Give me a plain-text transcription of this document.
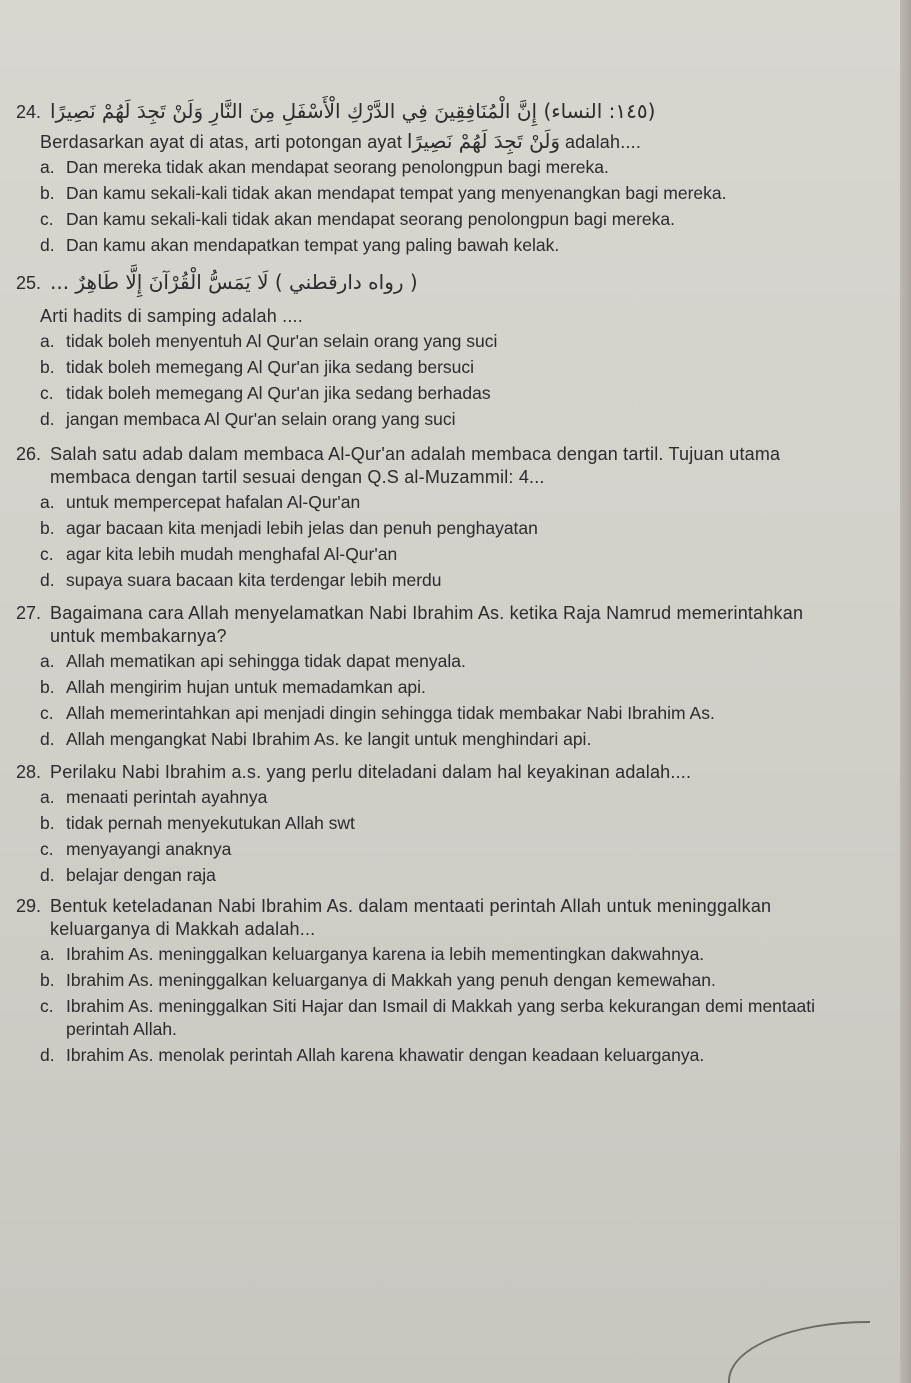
24. (١٤٥: النساء) إِنَّ الْمُنَافِقِينَ فِي الدَّرْكِ الْأَسْفَلِ مِنَ النَّارِ وَلَنْ تَجِدَ لَهُمْ نَصِيرًا
Berdasarkan ayat di atas, arti potongan ayat وَلَنْ تَجِدَ لَهُمْ نَصِيرًا adalah....
a. Dan mereka tidak akan mendapat seorang penolongpun bagi mereka.
b. Dan kamu sekali-kali tidak akan mendapat tempat yang menyenangkan bagi mereka.
c. Dan kamu sekali-kali tidak akan mendapat seorang penolongpun bagi mereka.
d. Dan kamu akan mendapatkan tempat yang paling bawah kelak.
25. ( رواه دارقطني ) لَا يَمَسُّ الْقُرْآنَ إِلَّا طَاهِرٌ ...
Arti hadits di samping adalah ....
a. tidak boleh menyentuh Al Qur'an selain orang yang suci
b. tidak boleh memegang Al Qur'an jika sedang bersuci
c. tidak boleh memegang Al Qur'an jika sedang berhadas
d. jangan membaca Al Qur'an selain orang yang suci
26. Salah satu adab dalam membaca Al-Qur'an adalah membaca dengan tartil. Tujuan utama membaca dengan tartil sesuai dengan Q.S al-Muzammil: 4...
a. untuk mempercepat hafalan Al-Qur'an
b. agar bacaan kita menjadi lebih jelas dan penuh penghayatan
c. agar kita lebih mudah menghafal Al-Qur'an
d. supaya suara bacaan kita terdengar lebih merdu
27. Bagaimana cara Allah menyelamatkan Nabi Ibrahim As. ketika Raja Namrud memerintahkan untuk membakarnya?
a. Allah mematikan api sehingga tidak dapat menyala.
b. Allah mengirim hujan untuk memadamkan api.
c. Allah memerintahkan api menjadi dingin sehingga tidak membakar Nabi Ibrahim As.
d. Allah mengangkat Nabi Ibrahim As. ke langit untuk menghindari api.
28. Perilaku Nabi Ibrahim a.s. yang perlu diteladani dalam hal keyakinan adalah....
a. menaati perintah ayahnya
b. tidak pernah menyekutukan Allah swt
c. menyayangi anaknya
d. belajar dengan raja
29. Bentuk keteladanan Nabi Ibrahim As. dalam mentaati perintah Allah untuk meninggalkan keluarganya di Makkah adalah...
a. Ibrahim As. meninggalkan keluarganya karena ia lebih mementingkan dakwahnya.
b. Ibrahim As. meninggalkan keluarganya di Makkah yang penuh dengan kemewahan.
c. Ibrahim As. meninggalkan Siti Hajar dan Ismail di Makkah yang serba kekurangan demi mentaati perintah Allah.
d. Ibrahim As. menolak perintah Allah karena khawatir dengan keadaan keluarganya.
